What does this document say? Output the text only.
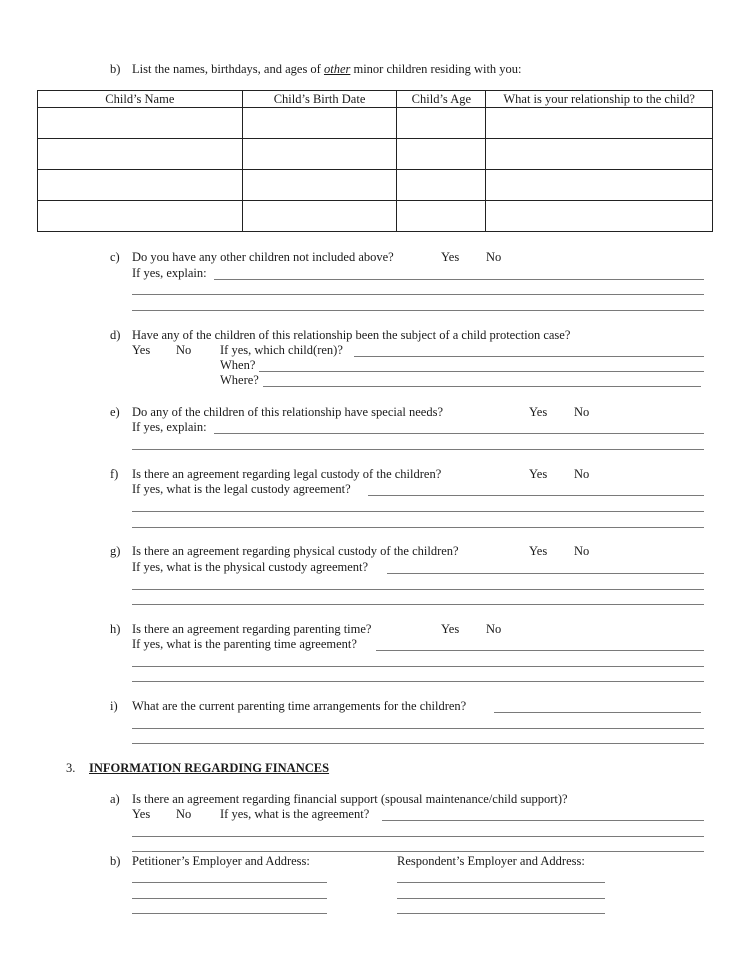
b) List the names, birthdays, and ages of other minor children residing with you:
Child’s Name	Child’s Birth Date	Child’s Age	What is your relationship to the child?

c) Do you have any other children not included above?	Yes No
If yes, explain:
d) Have any of the children of this relationship been the subject of a child protection case?
Yes No If yes, which child(ren)?
When?
Where?
e) Do any of the children of this relationship have special needs?	Yes No
If yes, explain:
f) Is there an agreement regarding legal custody of the children?	Yes No
If yes, what is the legal custody agreement?
g) Is there an agreement regarding physical custody of the children?	Yes No
If yes, what is the physical custody agreement?
h) Is there an agreement regarding parenting time?	Yes No
If yes, what is the parenting time agreement?
i) What are the current parenting time arrangements for the children?
3. INFORMATION REGARDING FINANCES
a) Is there an agreement regarding financial support (spousal maintenance/child support)?
Yes No If yes, what is the agreement?
b) Petitioner’s Employer and Address:	Respondent’s Employer and Address:
